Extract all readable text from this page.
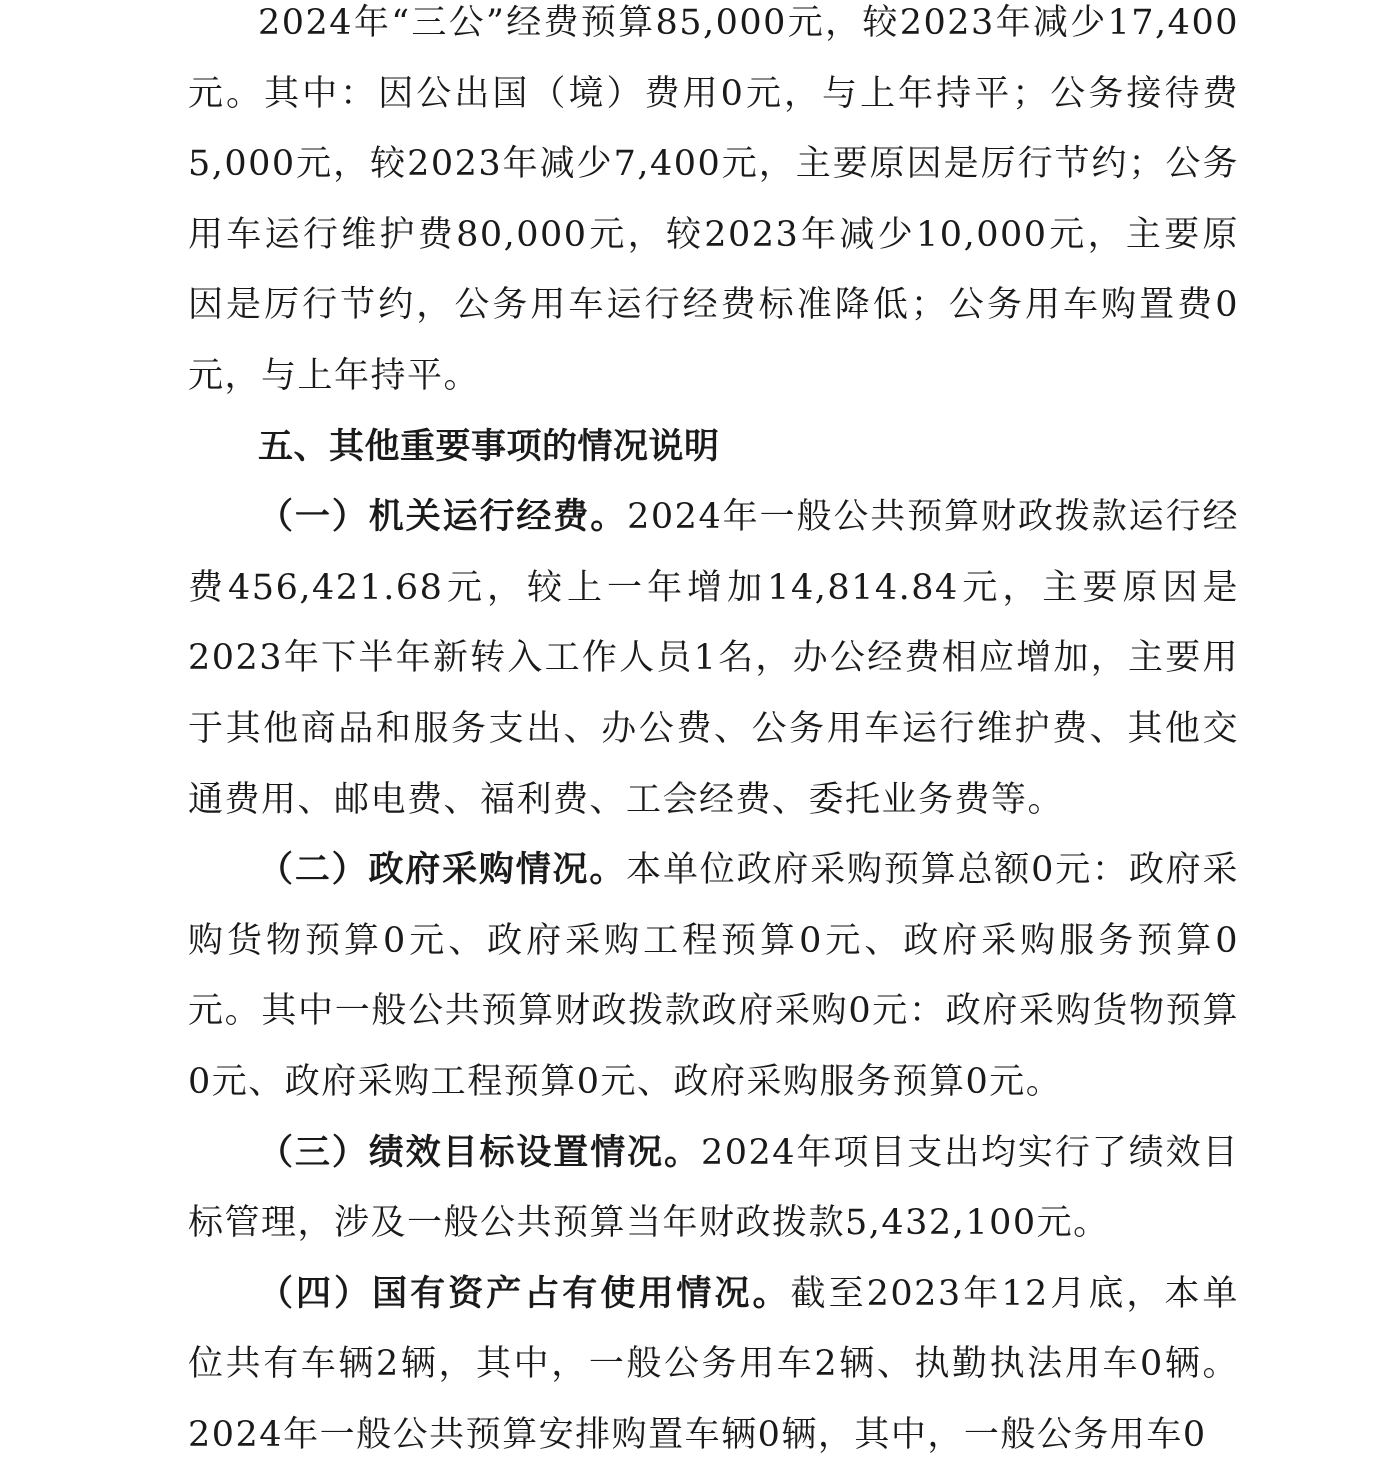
2024年“三公”经费预算85,000元，较2023年减少17,400元。其中：因公出国（境）费用0元，与上年持平；公务接待费5,000元，较2023年减少7,400元，主要原因是厉行节约；公务用车运行维护费80,000元，较2023年减少10,000元，主要原因是厉行节约，公务用车运行经费标准降低；公务用车购置费0元，与上年持平。

五、其他重要事项的情况说明

（一）机关运行经费。2024年一般公共预算财政拨款运行经费456,421.68元，较上一年增加14,814.84元，主要原因是2023年下半年新转入工作人员1名，办公经费相应增加，主要用于其他商品和服务支出、办公费、公务用车运行维护费、其他交通费用、邮电费、福利费、工会经费、委托业务费等。

（二）政府采购情况。本单位政府采购预算总额0元：政府采购货物预算0元、政府采购工程预算0元、政府采购服务预算0元。其中一般公共预算财政拨款政府采购0元：政府采购货物预算0元、政府采购工程预算0元、政府采购服务预算0元。

（三）绩效目标设置情况。2024年项目支出均实行了绩效目标管理，涉及一般公共预算当年财政拨款5,432,100元。

（四）国有资产占有使用情况。截至2023年12月底，本单位共有车辆2辆，其中，一般公务用车2辆、执勤执法用车0辆。2024年一般公共预算安排购置车辆0辆，其中，一般公务用车0
